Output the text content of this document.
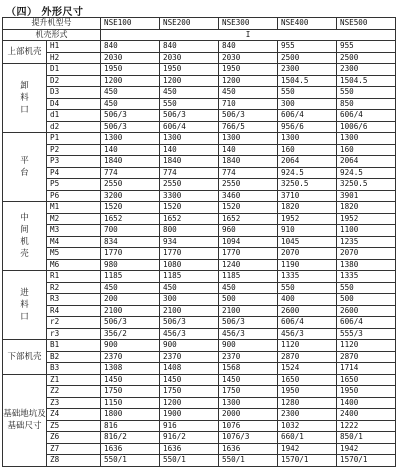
（四） 外形尺寸
提升机型号		NSE100	NSE200	NSE300	NSE400	NSE500
机壳形式		I				
上部机壳	H1	840	840	840	955	955
	H2	2030	2030	2030	2500	2500
卸料口	D1	1950	1950	1950	2300	2300
	D2	1200	1200	1200	1504.5	1504.5
	D3	450	450	450	550	550
	D4	450	550	710	300	850
	d1	506/3	506/3	506/3	606/4	606/4
	d2	506/3	606/4	766/5	956/6	1006/6
平台	P1	1300	1300	1300	1300	1300
	P2	140	140	140	160	160
	P3	1840	1840	1840	2064	2064
	P4	774	774	774	924.5	924.5
	P5	2550	2550	2550	3250.5	3250.5
	P6	3200	3300	3460	3710	3901
中间机壳	M1	1520	1520	1520	1820	1820
	M2	1652	1652	1652	1952	1952
	M3	700	800	960	910	1100
	M4	834	934	1094	1045	1235
	M5	1770	1770	1770	2070	2070
	M6	980	1080	1240	1190	1380
进料口	R1	1185	1185	1185	1335	1335
	R2	450	450	450	550	550
	R3	200	300	500	400	500
	R4	2100	2100	2100	2600	2600
	r2	506/3	506/3	506/3	606/4	606/4
	r3	356/2	456/3	456/3	456/3	555/3
下部机壳	B1	900	900	900	1120	1120
	B2	2370	2370	2370	2870	2870
	B3	1308	1408	1568	1524	1714
基础地坑及基础尺寸	Z1	1450	1450	1450	1650	1650
	Z2	1750	1750	1750	1950	1950
	Z3	1150	1200	1300	1280	1400
	Z4	1800	1900	2000	2300	2400
	Z5	816	916	1076	1032	1222
	Z6	816/2	916/2	1076/3	660/1	850/1
	Z7	1636	1636	1636	1942	1942
	Z8	550/1	550/1	550/1	1570/1	1570/1
